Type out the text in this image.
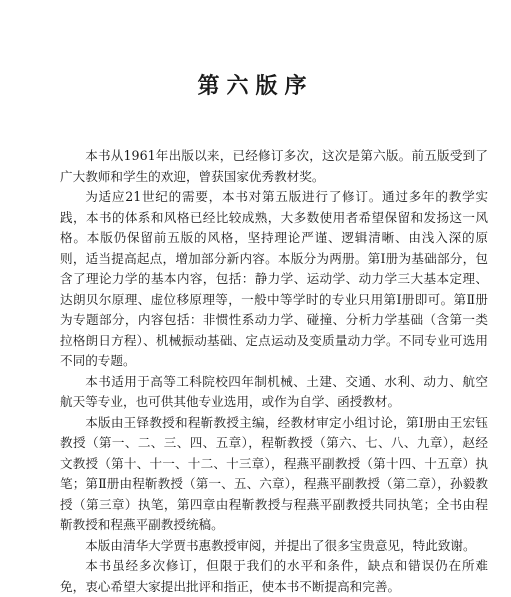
第六版序

本书从1961年出版以来，已经修订多次，这次是第六版。前五版受到了广大教师和学生的欢迎，曾获国家优秀教材奖。

为适应21世纪的需要，本书对第五版进行了修订。通过多年的教学实践，本书的体系和风格已经比较成熟，大多数使用者希望保留和发扬这一风格。本版仍保留前五版的风格，坚持理论严谨、逻辑清晰、由浅入深的原则，适当提高起点，增加部分新内容。本版分为两册。第Ⅰ册为基础部分，包含了理论力学的基本内容，包括：静力学、运动学、动力学三大基本定理、达朗贝尔原理、虚位移原理等，一般中等学时的专业只用第Ⅰ册即可。第Ⅱ册为专题部分，内容包括：非惯性系动力学、碰撞、分析力学基础（含第一类拉格朗日方程）、机械振动基础、定点运动及变质量动力学。不同专业可选用不同的专题。

本书适用于高等工科院校四年制机械、土建、交通、水利、动力、航空航天等专业，也可供其他专业选用，或作为自学、函授教材。

本版由王铎教授和程靳教授主编，经教材审定小组讨论，第Ⅰ册由王宏钰教授（第一、二、三、四、五章），程靳教授（第六、七、八、九章），赵经文教授（第十、十一、十二、十三章），程燕平副教授（第十四、十五章）执笔；第Ⅱ册由程靳教授（第一、五、六章），程燕平副教授（第二章），孙毅教授（第三章）执笔，第四章由程靳教授与程燕平副教授共同执笔；全书由程靳教授和程燕平副教授统稿。

本版由清华大学贾书惠教授审阅，并提出了很多宝贵意见，特此致谢。

本书虽经多次修订，但限于我们的水平和条件，缺点和错误仍在所难免，衷心希望大家提出批评和指正，使本书不断提高和完善。
